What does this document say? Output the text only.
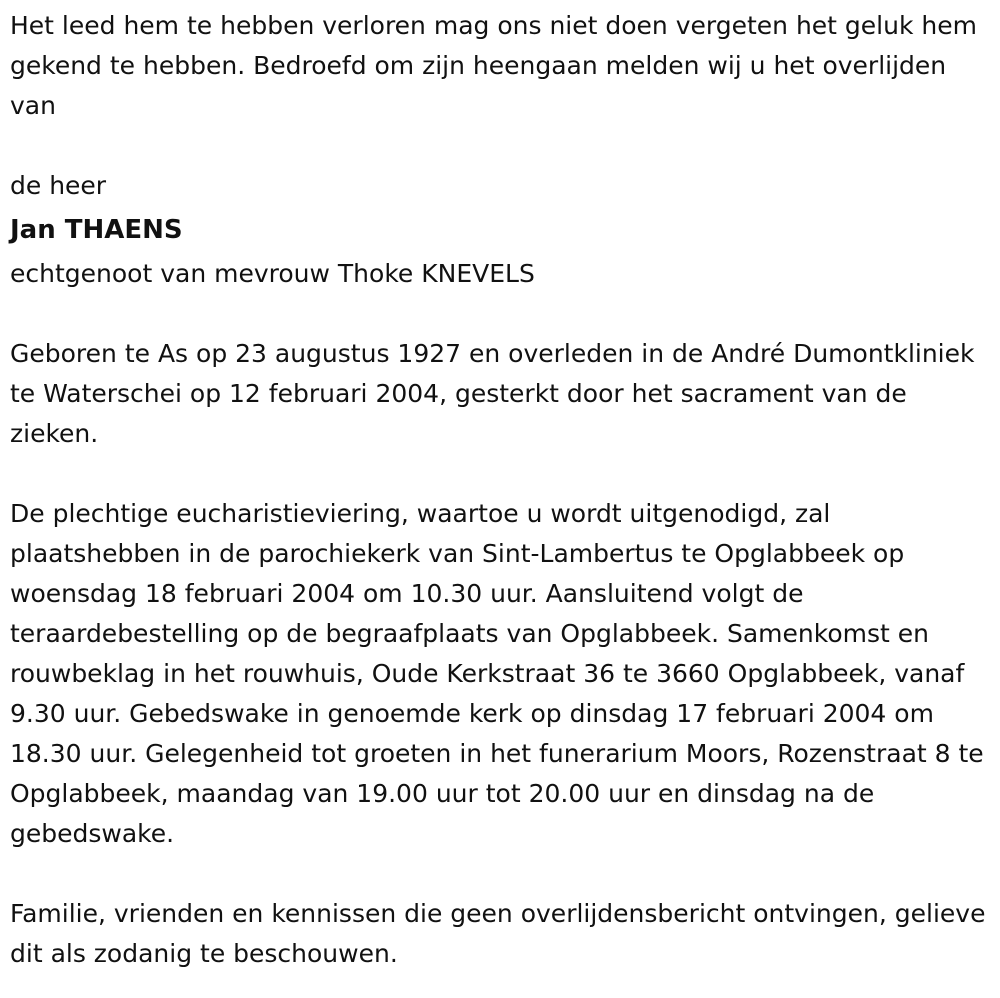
Het leed hem te hebben verloren mag ons niet doen vergeten het geluk hem gekend te hebben. Bedroefd om zijn heengaan melden wij u het overlijden van

de heer

Jan THAENS

echtgenoot van mevrouw Thoke KNEVELS

Geboren te As op 23 augustus 1927 en overleden in de André Dumontkliniek te Waterschei op 12 februari 2004, gesterkt door het sacrament van de zieken.

De plechtige eucharistieviering, waartoe u wordt uitgenodigd, zal plaatshebben in de parochiekerk van Sint-Lambertus te Opglabbeek op woensdag 18 februari 2004 om 10.30 uur. Aansluitend volgt de teraardebestelling op de begraafplaats van Opglabbeek. Samenkomst en rouwbeklag in het rouwhuis, Oude Kerkstraat 36 te 3660 Opglabbeek, vanaf 9.30 uur. Gebedswake in genoemde kerk op dinsdag 17 februari 2004 om 18.30 uur. Gelegenheid tot groeten in het funerarium Moors, Rozenstraat 8 te Opglabbeek, maandag van 19.00 uur tot 20.00 uur en dinsdag na de gebedswake.

Familie, vrienden en kennissen die geen overlijdensbericht ontvingen, gelieve dit als zodanig te beschouwen.
